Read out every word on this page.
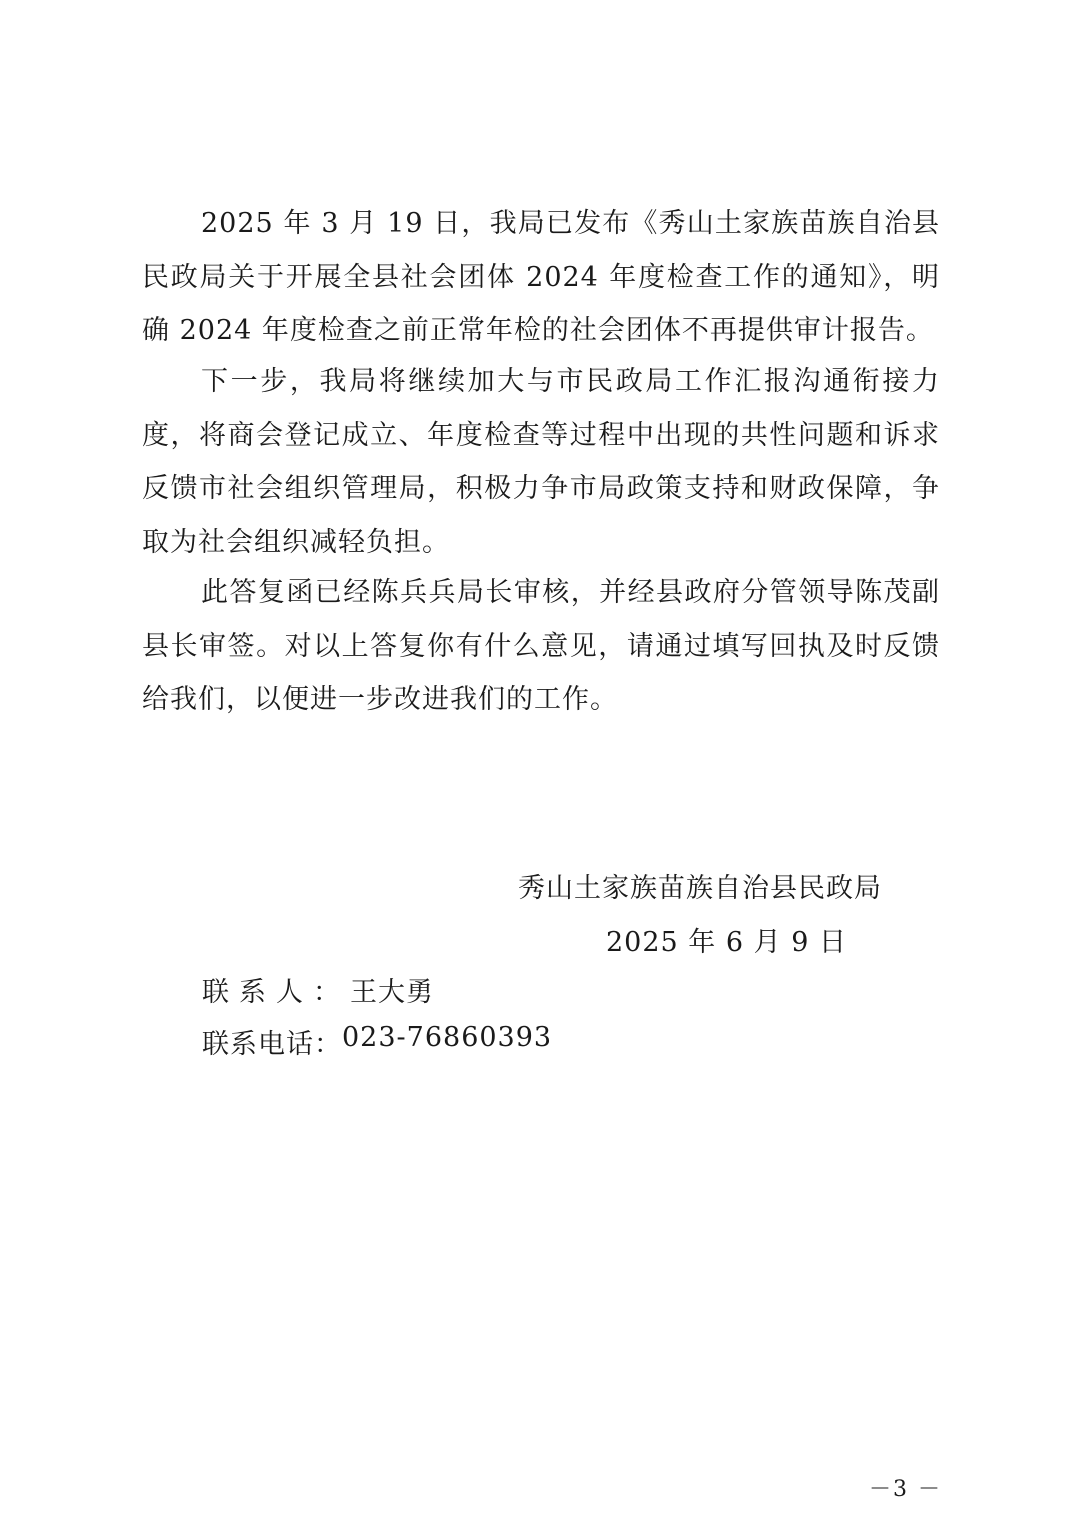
2025 年 3 月 19 日，我局已发布《秀山土家族苗族自治县民政局关于开展全县社会团体 2024 年度检查工作的通知》，明确 2024 年度检查之前正常年检的社会团体不再提供审计报告。

下一步，我局将继续加大与市民政局工作汇报沟通衔接力度，将商会登记成立、年度检查等过程中出现的共性问题和诉求反馈市社会组织管理局，积极力争市局政策支持和财政保障，争取为社会组织减轻负担。

此答复函已经陈兵兵局长审核，并经县政府分管领导陈茂副县长审签。对以上答复你有什么意见，请通过填写回执及时反馈给我们，以便进一步改进我们的工作。

秀山土家族苗族自治县民政局

2025 年 6 月 9 日

联系人： 王大勇

联系电话： 023-76860393

－3 －
